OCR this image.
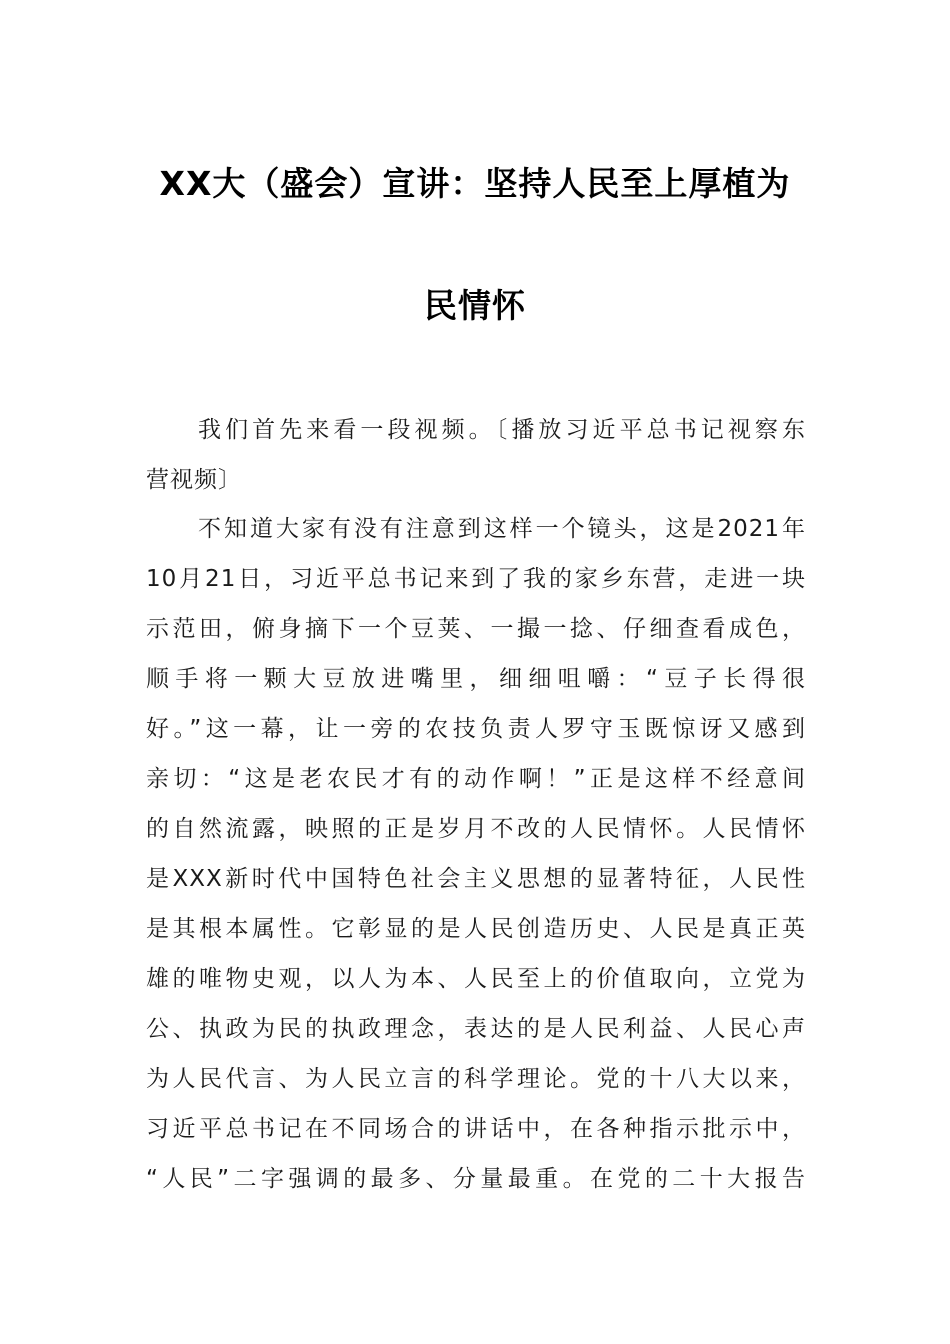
XX大（盛会）宣讲：坚持人民至上厚植为
民情怀
我们首先来看一段视频。〔播放习近平总书记视察东
营视频〕
不知道大家有没有注意到这样一个镜头，这是2021年
10月21日，习近平总书记来到了我的家乡东营，走进一块
示范田，俯身摘下一个豆荚、一撮一捻、仔细查看成色，
顺手将一颗大豆放进嘴里，细细咀嚼：“豆子长得很
好。”这一幕，让一旁的农技负责人罗守玉既惊讶又感到
亲切：“这是老农民才有的动作啊！”正是这样不经意间
的自然流露，映照的正是岁月不改的人民情怀。人民情怀
是XXX新时代中国特色社会主义思想的显著特征，人民性
是其根本属性。它彰显的是人民创造历史、人民是真正英
雄的唯物史观，以人为本、人民至上的价值取向，立党为
公、执政为民的执政理念，表达的是人民利益、人民心声
为人民代言、为人民立言的科学理论。党的十八大以来，
习近平总书记在不同场合的讲话中，在各种指示批示中，
“人民”二字强调的最多、分量最重。在党的二十大报告
